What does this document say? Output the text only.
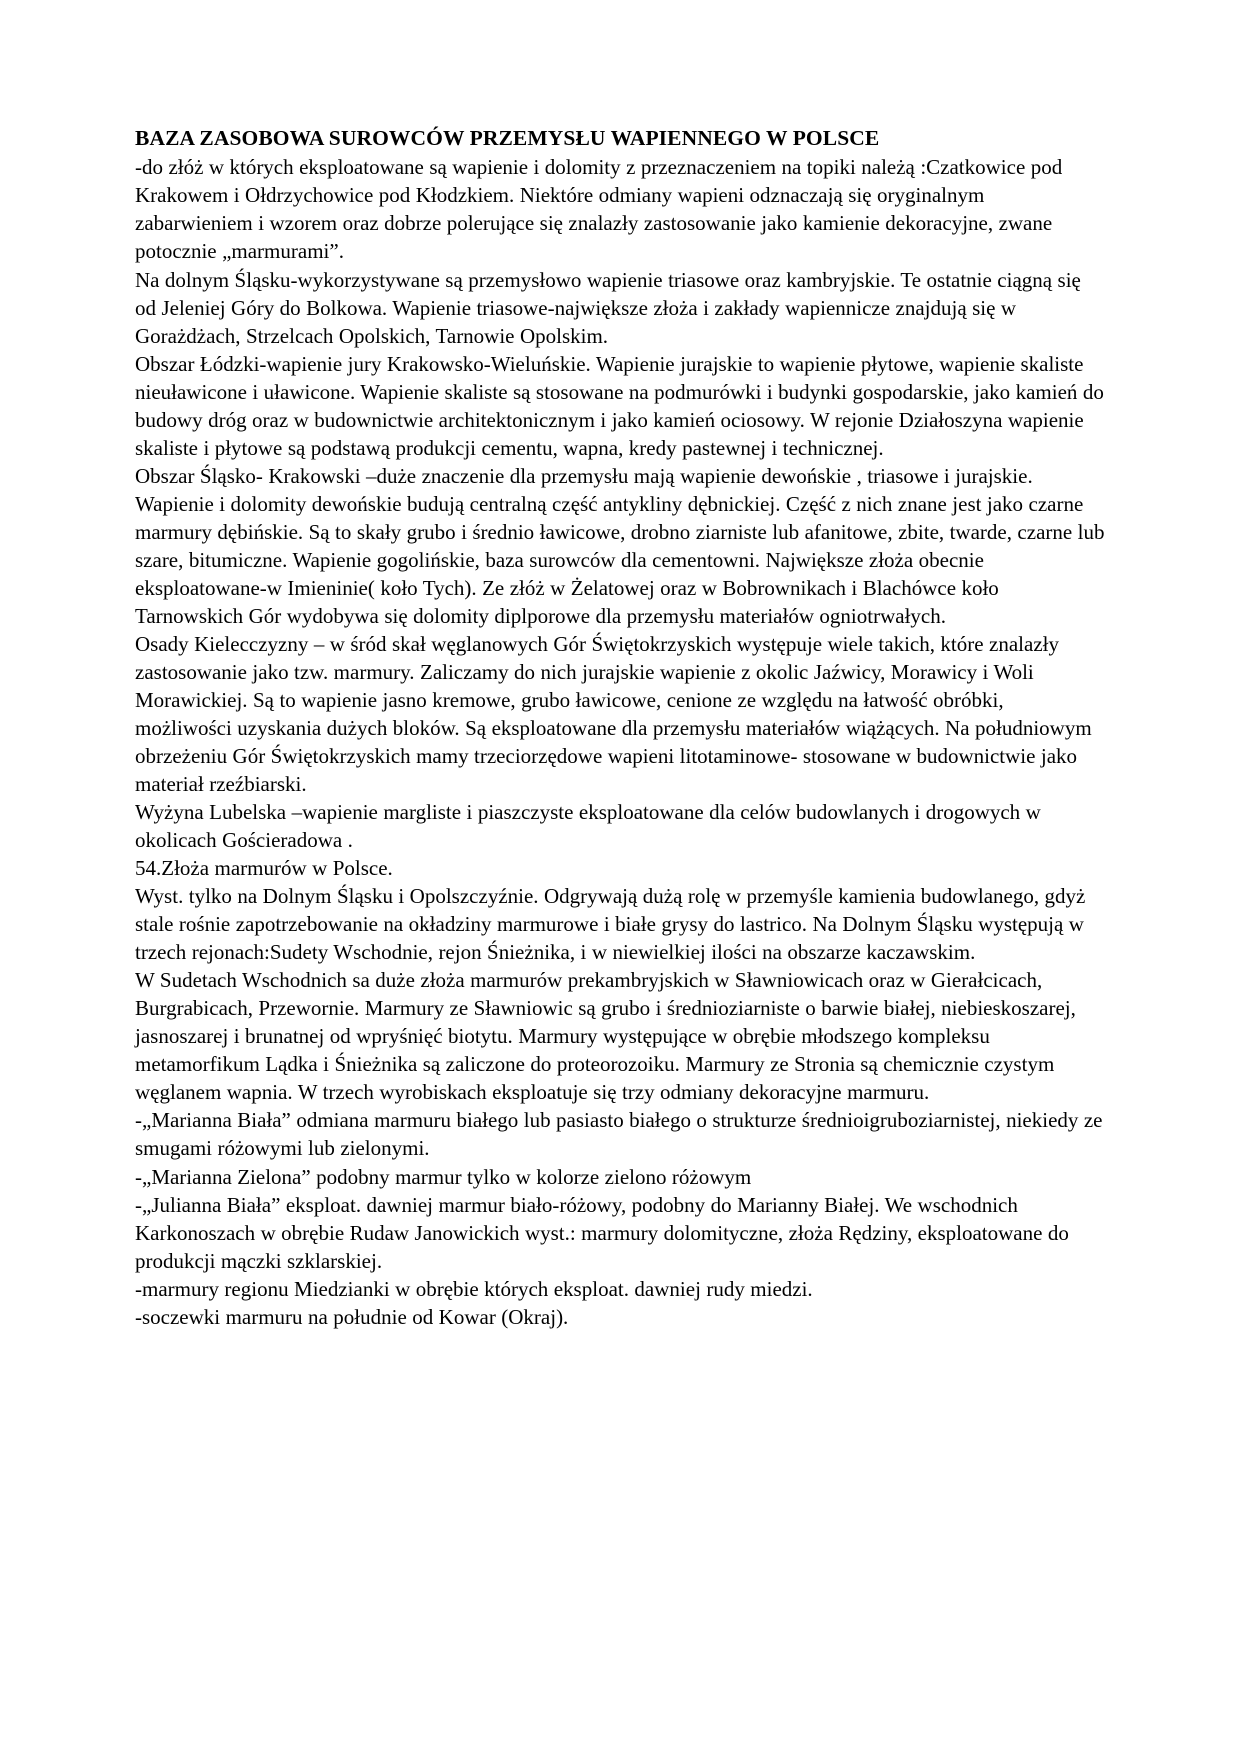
BAZA ZASOBOWA SUROWCÓW PRZEMYSŁU WAPIENNEGO W POLSCE

-do złóż w których eksploatowane są wapienie i dolomity z przeznaczeniem na topiki należą :Czatkowice pod Krakowem i Ołdrzychowice pod Kłodzkiem. Niektóre odmiany wapieni odznaczają się oryginalnym zabarwieniem i wzorem oraz dobrze polerujące się znalazły zastosowanie jako kamienie dekoracyjne, zwane potocznie „marmurami”.

Na dolnym Śląsku-wykorzystywane są przemysłowo wapienie triasowe oraz kambryjskie. Te ostatnie ciągną się od Jeleniej Góry do Bolkowa. Wapienie triasowe-największe złoża i zakłady wapiennicze znajdują się w Gorażdżach, Strzelcach Opolskich, Tarnowie Opolskim.

Obszar Łódzki-wapienie jury Krakowsko-Wieluńskie. Wapienie jurajskie to wapienie płytowe, wapienie skaliste nieuławicone i uławicone. Wapienie skaliste są stosowane na podmurówki i budynki gospodarskie, jako kamień do budowy dróg oraz w budownictwie architektonicznym i jako kamień ociosowy. W rejonie Działoszyna wapienie skaliste i płytowe są podstawą produkcji cementu, wapna, kredy pastewnej i technicznej.

Obszar Śląsko- Krakowski –duże znaczenie dla przemysłu mają wapienie dewońskie , triasowe i jurajskie. Wapienie i dolomity dewońskie budują centralną część antykliny dębnickiej. Część z nich znane jest jako czarne marmury dębińskie. Są to skały grubo i średnio ławicowe, drobno ziarniste lub afanitowe, zbite, twarde, czarne lub szare, bitumiczne. Wapienie gogolińskie, baza surowców dla cementowni. Największe złoża obecnie eksploatowane-w Imieninie( koło Tych). Ze złóż w Żelatowej oraz w Bobrownikach i Blachówce koło Tarnowskich Gór wydobywa się dolomity diplporowe dla przemysłu materiałów ogniotrwałych.

Osady Kielecczyzny – w śród skał węglanowych Gór Świętokrzyskich występuje wiele takich, które znalazły zastosowanie jako tzw. marmury. Zaliczamy do nich jurajskie wapienie z okolic Jaźwicy, Morawicy i Woli Morawickiej. Są to wapienie jasno kremowe, grubo ławicowe, cenione ze względu na łatwość obróbki, możliwości uzyskania dużych bloków. Są eksploatowane dla przemysłu materiałów wiążących. Na południowym obrzeżeniu Gór Świętokrzyskich mamy trzeciorzędowe wapieni litotaminowe- stosowane w budownictwie jako materiał rzeźbiarski.

Wyżyna Lubelska –wapienie margliste i piaszczyste eksploatowane dla celów budowlanych i drogowych w okolicach Gościeradowa .

54.Złoża marmurów w Polsce.

Wyst. tylko na Dolnym Śląsku i Opolszczyźnie. Odgrywają dużą rolę w przemyśle kamienia budowlanego, gdyż stale rośnie zapotrzebowanie na okładziny marmurowe i białe grysy do lastrico. Na Dolnym Śląsku występują w trzech rejonach:Sudety Wschodnie, rejon Śnieżnika, i w niewielkiej ilości na obszarze kaczawskim.

W Sudetach Wschodnich sa duże złoża marmurów prekambryjskich w Sławniowicach oraz w Gierałcicach, Burgrabicach, Przewornie. Marmury ze Sławniowic są grubo i średnioziarniste o barwie białej, niebieskoszarej, jasnoszarej i brunatnej od wpryśnięć biotytu. Marmury występujące w obrębie młodszego kompleksu metamorfikum Lądka i Śnieżnika są zaliczone do proteorozoiku. Marmury ze Stronia są chemicznie czystym węglanem wapnia. W trzech wyrobiskach eksploatuje się trzy odmiany dekoracyjne marmuru.

-„Marianna Biała” odmiana marmuru białego lub pasiasto białego o strukturze średnioigruboziarnistej, niekiedy ze smugami różowymi lub zielonymi.

-„Marianna Zielona” podobny marmur tylko w kolorze zielono różowym

-„Julianna Biała” eksploat. dawniej marmur biało-różowy, podobny do Marianny Białej. We wschodnich Karkonoszach w obrębie Rudaw Janowickich wyst.: marmury dolomityczne, złoża Rędziny, eksploatowane do produkcji mączki szklarskiej.

-marmury regionu Miedzianki w obrębie których eksploat. dawniej rudy miedzi.

-soczewki marmuru na południe od Kowar (Okraj).
